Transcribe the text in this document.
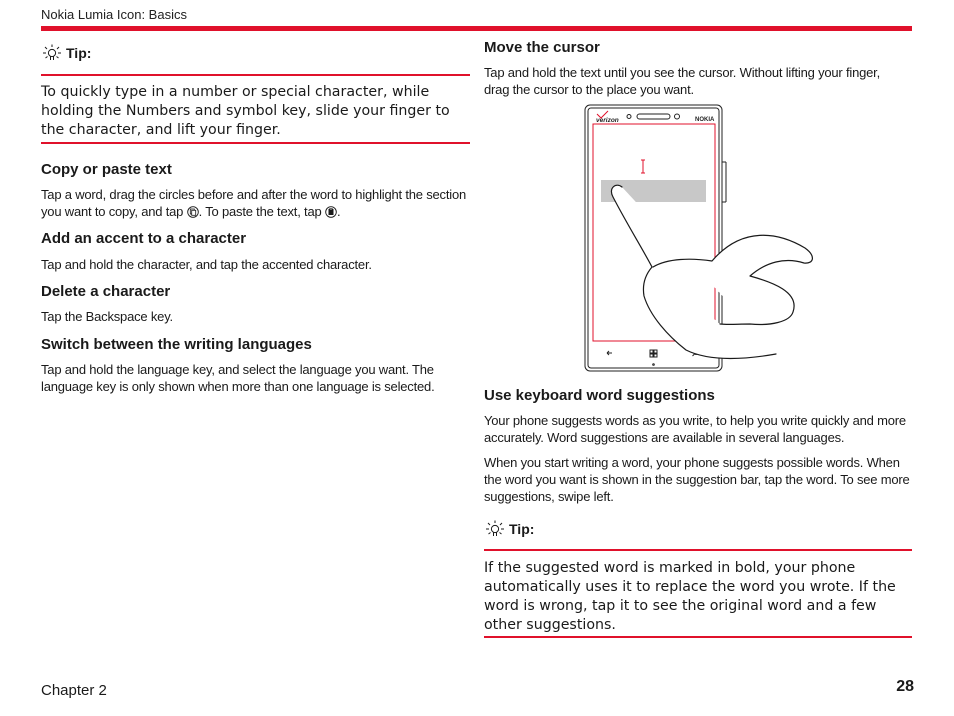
Nokia Lumia Icon: Basics
Tip:
To quickly type in a number or special character, while holding the Numbers and symbol key, slide your finger to the character, and lift your finger.
Copy or paste text

Tap a word, drag the circles before and after the word to highlight the section you want to copy, and tap . To paste the text, tap .

Add an accent to a character

Tap and hold the character, and tap the accented character.

Delete a character

Tap the Backspace key.

Switch between the writing languages

Tap and hold the language key, and select the language you want. The language key is only shown when more than one language is selected.

Move the cursor

Tap and hold the text until you see the cursor. Without lifting your finger, drag the cursor to the place you want.

verizon	NOKIA
Use keyboard word suggestions

Your phone suggests words as you write, to help you write quickly and more accurately. Word suggestions are available in several languages.

When you start writing a word, your phone suggests possible words. When the word you want is shown in the suggestion bar, tap the word. To see more suggestions, swipe left.

Tip:
If the suggested word is marked in bold, your phone automatically uses it to replace the word you wrote. If the word is wrong, tap it to see the original word and a few other suggestions.
Chapter 2	28
